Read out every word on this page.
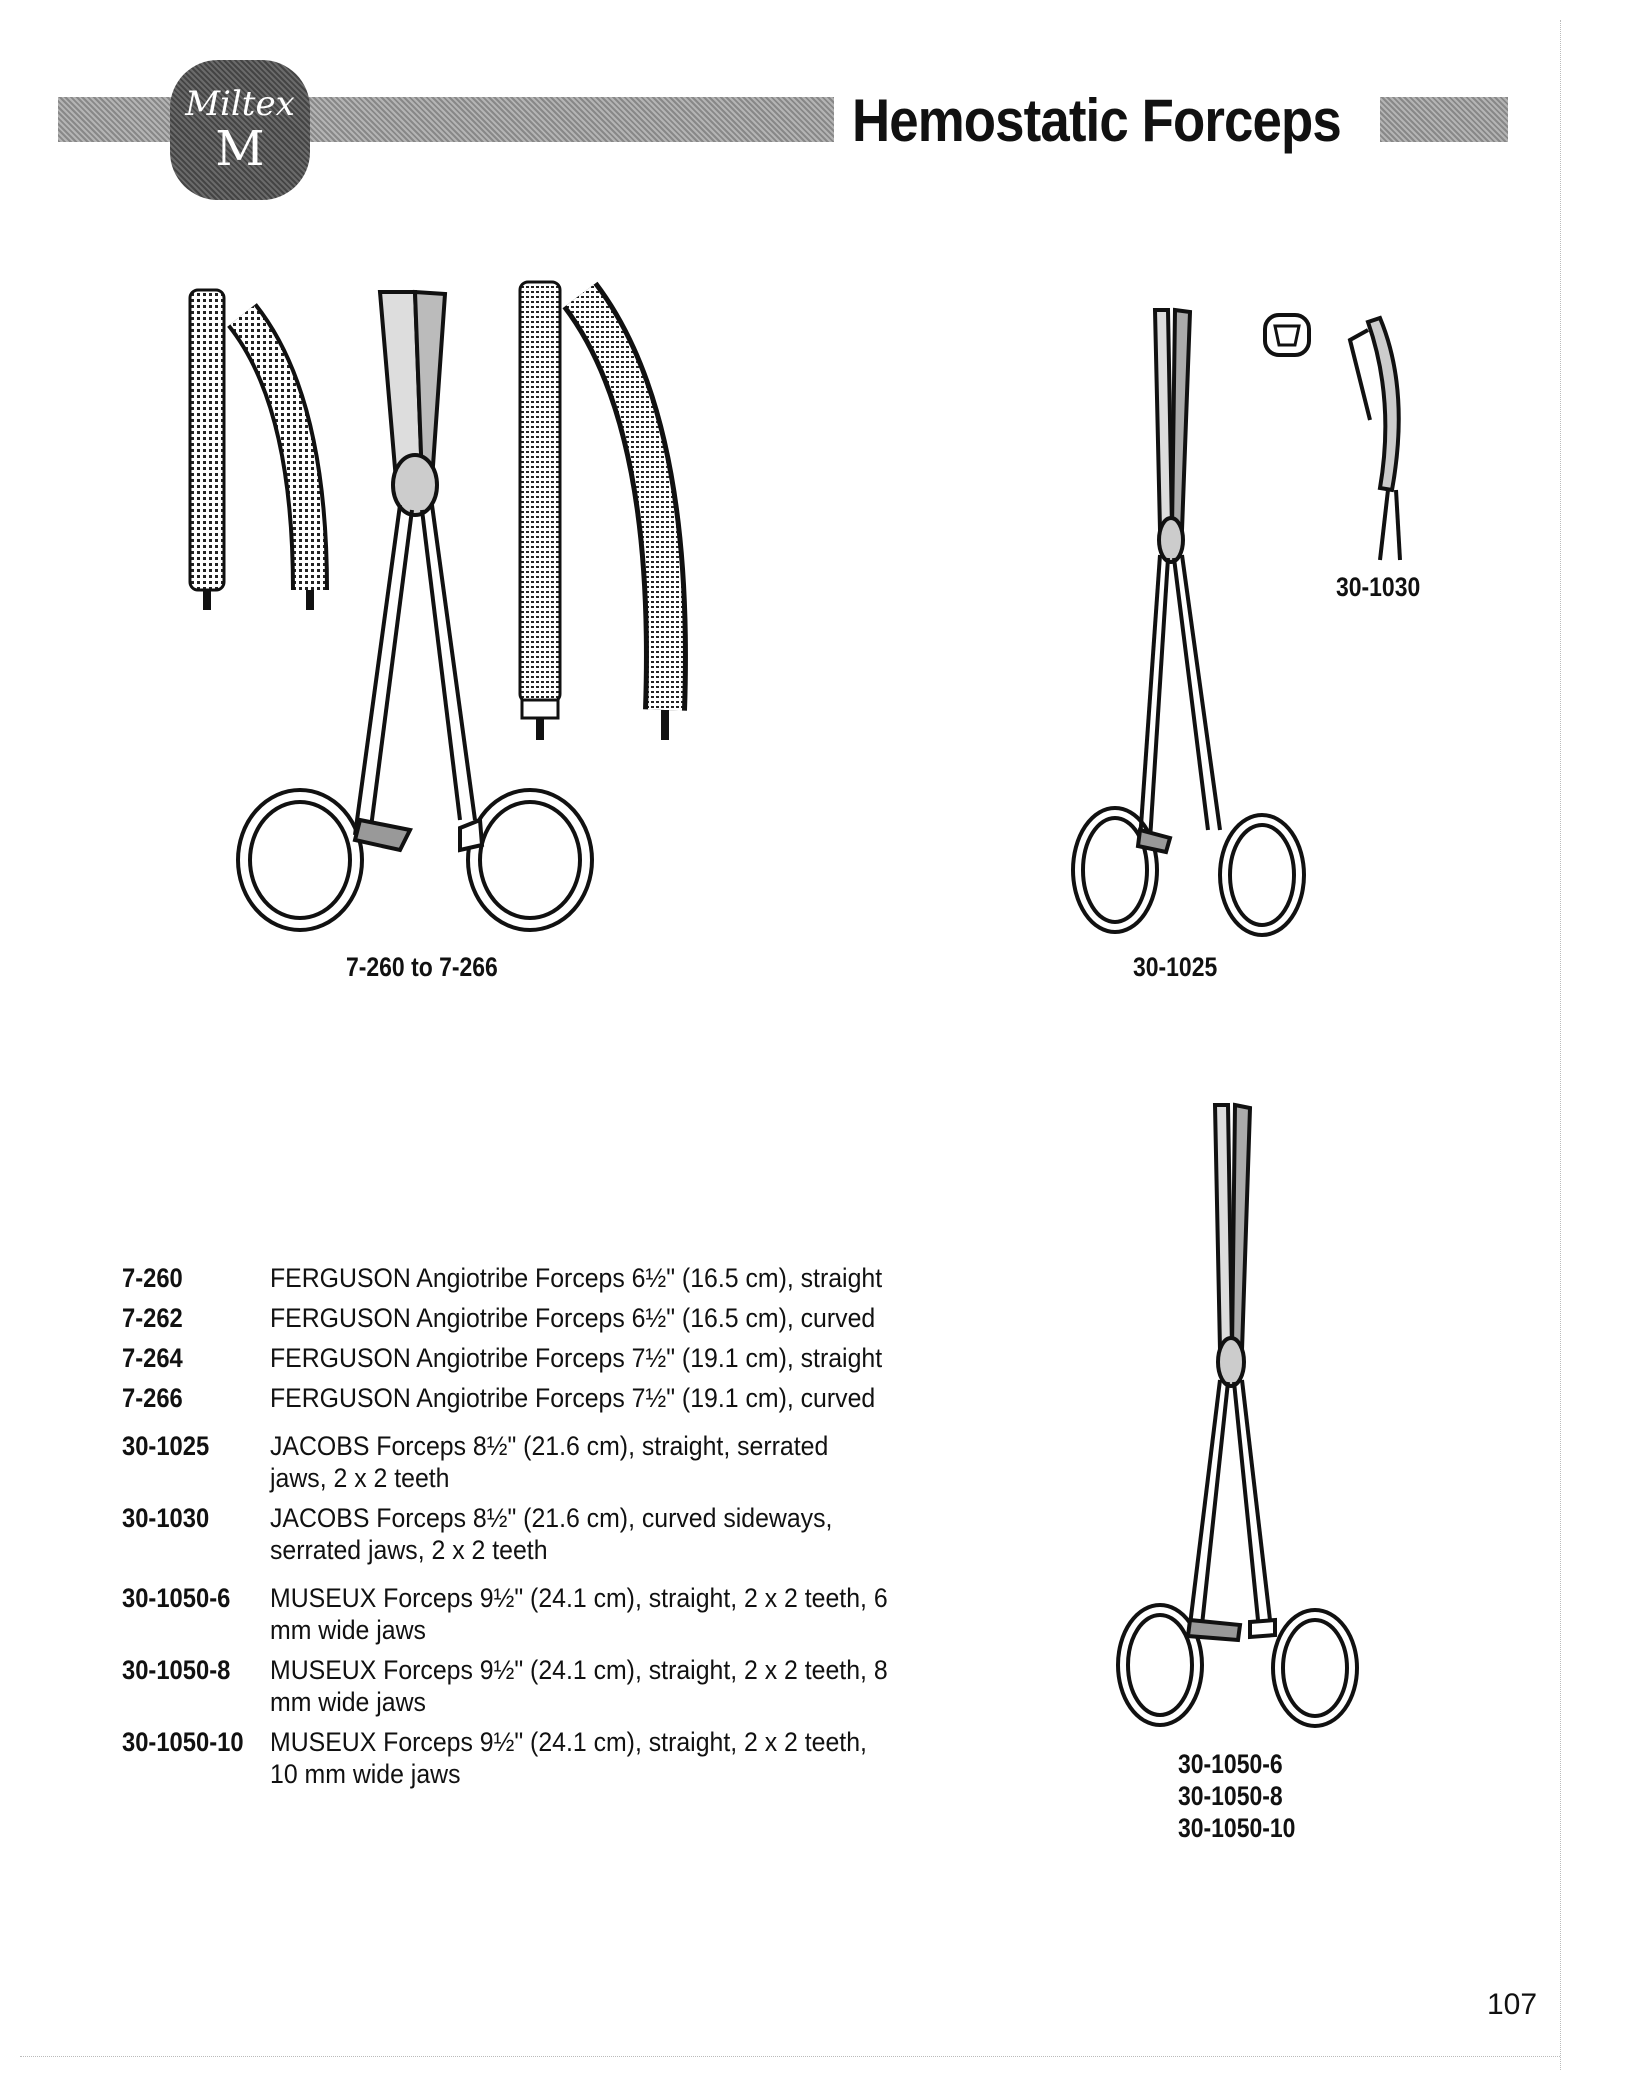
Miltex
M	Hemostatic Forceps
7-260 to 7-266	30-1025
30-1030
30-1050-6
30-1050-8
30-1050-10
7-260	FERGUSON Angiotribe Forceps 6½" (16.5 cm), straight
7-262	FERGUSON Angiotribe Forceps 6½" (16.5 cm), curved
7-264	FERGUSON Angiotribe Forceps 7½" (19.1 cm), straight
7-266	FERGUSON Angiotribe Forceps 7½" (19.1 cm), curved
30-1025	JACOBS Forceps 8½" (21.6 cm), straight, serrated jaws, 2 x 2 teeth
30-1030	JACOBS Forceps 8½" (21.6 cm), curved sideways, serrated jaws, 2 x 2 teeth
30-1050-6	MUSEUX Forceps 9½" (24.1 cm), straight, 2 x 2 teeth, 6 mm wide jaws
30-1050-8	MUSEUX Forceps 9½" (24.1 cm), straight, 2 x 2 teeth, 8 mm wide jaws
30-1050-10 MUSEUX Forceps 9½" (24.1 cm), straight, 2 x 2 teeth, 10 mm wide jaws
107
